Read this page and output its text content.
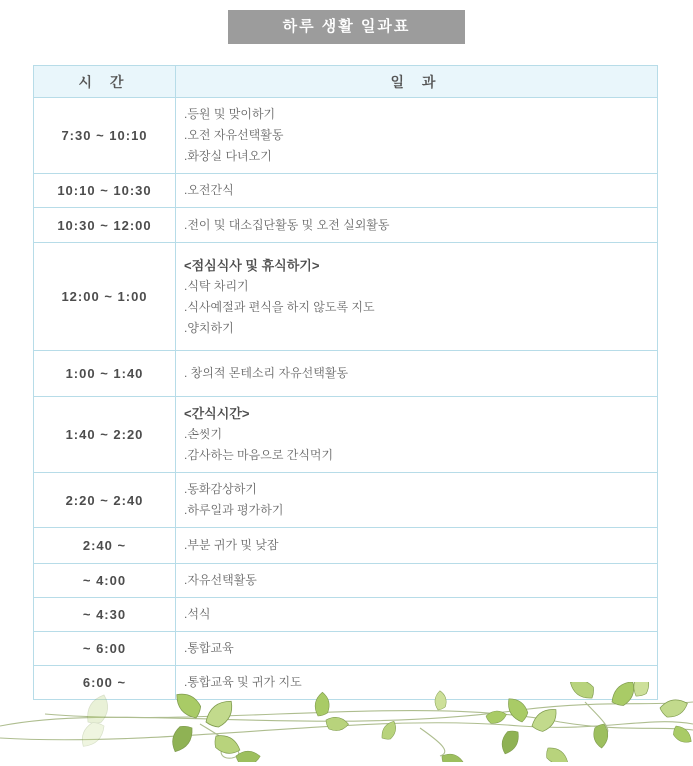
하루 생활 일과표
시 간	일 과
7:30 ~ 10:10	.등원 및 맞이하기
.오전 자유선택활동
.화장실 다녀오기

10:10 ~ 10:30	.오전간식

10:30 ~ 12:00	.전이 및 대소집단활동 및 오전 실외활동

12:00 ~ 1:00	<점심식사 및 휴식하기>
.식탁 차리기
.식사예절과 편식을 하지 않도록 지도
.양치하기

1:00 ~ 1:40	. 창의적 몬테소리 자유선택활동

1:40 ~ 2:20	<간식시간>
.손씻기
.감사하는 마음으로 간식먹기

2:20 ~ 2:40	.동화감상하기
.하루일과 평가하기

2:40 ~	.부분 귀가 및 낮잠

~ 4:00	.자유선택활동

~ 4:30	.석식

~ 6:00	.통합교육

6:00 ~	.통합교육 및 귀가 지도
